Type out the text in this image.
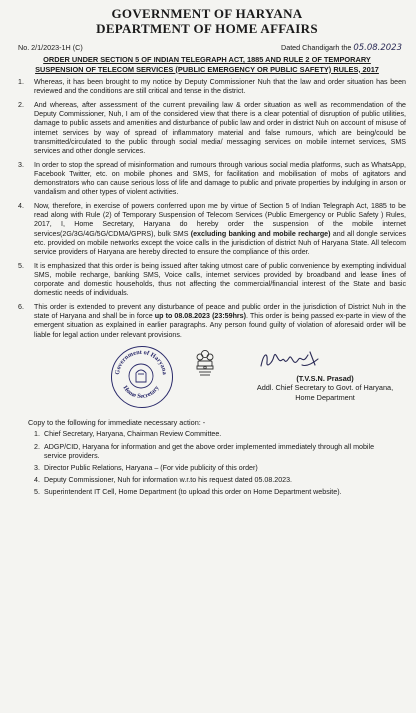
GOVERNMENT OF HARYANA
DEPARTMENT OF HOME AFFAIRS
No. 2/1/2023-1H (C)	Dated Chandigarh the 05.08.2023
ORDER UNDER SECTION 5 OF INDIAN TELEGRAPH ACT, 1885 AND RULE 2 OF TEMPORARY SUSPENSION OF TELECOM SERVICES (PUBLIC EMERGENCY OR PUBLIC SAFETY) RULES, 2017
1.	Whereas, it has been brought to my notice by Deputy Commissioner Nuh that the law and order situation has been reviewed and the conditions are still critical and tense in the district.
2.	And whereas, after assessment of the current prevailing law & order situation as well as recommendation of the Deputy Commissioner, Nuh, I am of the considered view that there is a clear potential of disruption of public utilities, damage to public assets and amenities and disturbance of public law and order in district Nuh on account of misuse of internet services by way of spread of inflammatory material and false rumours, which are being/could be transmitted/circulated to the public through social media/ messaging services on mobile internet services, SMS services and other dongle services.
3.	In order to stop the spread of misinformation and rumours through various social media platforms, such as WhatsApp, Facebook Twitter, etc. on mobile phones and SMS, for facilitation and mobilisation of mobs of agitators and demonstrators who can cause serious loss of life and damage to public and private properties by indulging in arson or vandalism and other types of violent activities.
4.	Now, therefore, in exercise of powers conferred upon me by virtue of Section 5 of Indian Telegraph Act, 1885 to be read along with Rule (2) of Temporary Suspension of Telecom Services (Public Emergency or Public Safety ) Rules, 2017, I, Home Secretary, Haryana do hereby order the suspension of the mobile internet services(2G/3G/4G/5G/CDMA/GPRS), bulk SMS (excluding banking and mobile recharge) and all dongle services etc. provided on mobile networks except the voice calls in the jurisdiction of district Nuh of Haryana State. All telecom service providers of Haryana are hereby directed to ensure the compliance of this order.
5.	It is emphasized that this order is being issued after taking utmost care of public convenience by exempting individual SMS, mobile recharge, banking SMS, Voice calls, internet services provided by broadband and lease lines of corporate and domestic households, thus not affecting the commercial/financial interest of the State and basic domestic needs of individuals.
6.	This order is extended to prevent any disturbance of peace and public order in the jurisdiction of District Nuh in the state of Haryana and shall be in force up to 08.08.2023 (23:59hrs). This order is being passed ex-parte in view of the emergent situation as explained in earlier paragraphs. Any person found guilty of violation of aforesaid order will be liable for legal action under relevant provisions.
Government of Haryana
Home Secretary
(T.V.S.N. Prasad)
Addl. Chief Secretary to Govt. of Haryana,
Home Department
Copy to the following for immediate necessary action: -
1. Chief Secretary, Haryana, Chairman Review Committee.
2. ADGP/CID, Haryana for information and get the above order implemented immediately through all mobile service providers.
3. Director Public Relations, Haryana – (For vide publicity of this order)
4. Deputy Commissioner, Nuh for information w.r.to his request dated 05.08.2023.
5. Superintendent IT Cell, Home Department (to upload this order on Home Department website).
